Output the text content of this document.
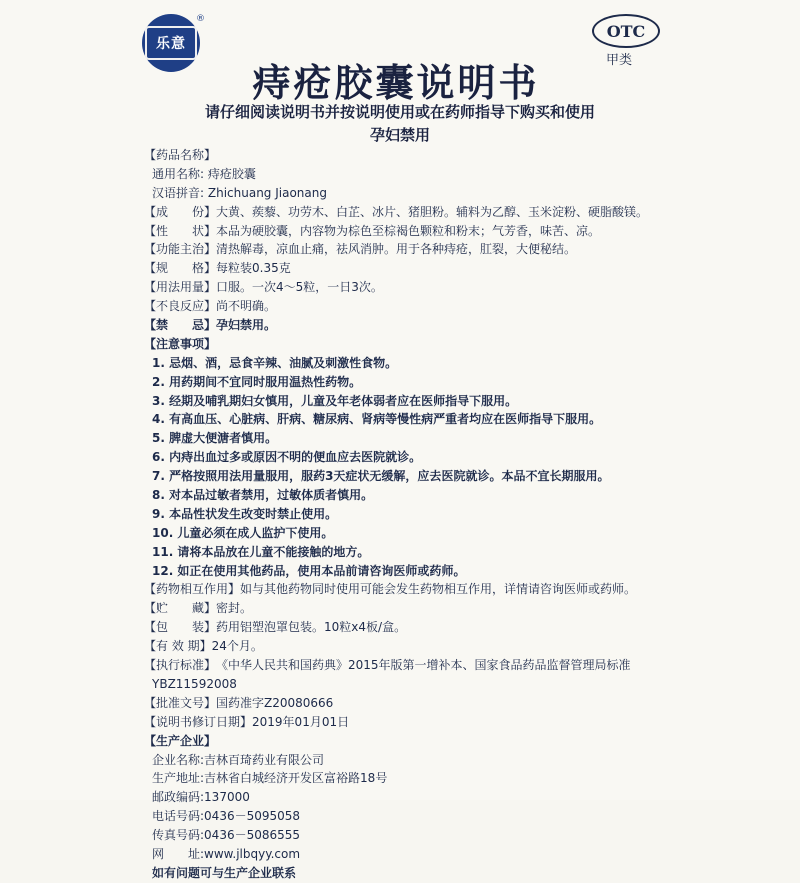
乐意
®
OTC
甲类
痔疮胶囊说明书
请仔细阅读说明书并按说明使用或在药师指导下购买和使用
孕妇禁用
【药品名称】
通用名称: 痔疮胶囊
汉语拼音: Zhichuang Jiaonang
【成　　份】大黄、蒺藜、功劳木、白芷、冰片、猪胆粉。辅料为乙醇、玉米淀粉、硬脂酸镁。
【性　　状】本品为硬胶囊，内容物为棕色至棕褐色颗粒和粉末；气芳香，味苦、凉。
【功能主治】清热解毒，凉血止痛，祛风消肿。用于各种痔疮，肛裂，大便秘结。
【规　　格】每粒装0.35克
【用法用量】口服。一次4～5粒，一日3次。
【不良反应】尚不明确。
【禁　　忌】孕妇禁用。
【注意事项】
1. 忌烟、酒，忌食辛辣、油腻及刺激性食物。
2. 用药期间不宜同时服用温热性药物。
3. 经期及哺乳期妇女慎用，儿童及年老体弱者应在医师指导下服用。
4. 有高血压、心脏病、肝病、糖尿病、肾病等慢性病严重者均应在医师指导下服用。
5. 脾虚大便溏者慎用。
6. 内痔出血过多或原因不明的便血应去医院就诊。
7. 严格按照用法用量服用，服药3天症状无缓解，应去医院就诊。本品不宜长期服用。
8. 对本品过敏者禁用，过敏体质者慎用。
9. 本品性状发生改变时禁止使用。
10. 儿童必须在成人监护下使用。
11. 请将本品放在儿童不能接触的地方。
12. 如正在使用其他药品，使用本品前请咨询医师或药师。
【药物相互作用】如与其他药物同时使用可能会发生药物相互作用，详情请咨询医师或药师。
【贮　　藏】密封。
【包　　装】药用铝塑泡罩包装。10粒x4板/盒。
【有 效 期】24个月。
【执行标准】《中华人民共和国药典》2015年版第一增补本、国家食品药品监督管理局标准
YBZ11592008
【批准文号】国药准字Z20080666
【说明书修订日期】2019年01月01日
【生产企业】
企业名称:吉林百琦药业有限公司
生产地址:吉林省白城经济开发区富裕路18号
邮政编码:137000
电话号码:0436－5095058
传真号码:0436－5086555
网　　址:www.jlbqyy.com
如有问题可与生产企业联系
